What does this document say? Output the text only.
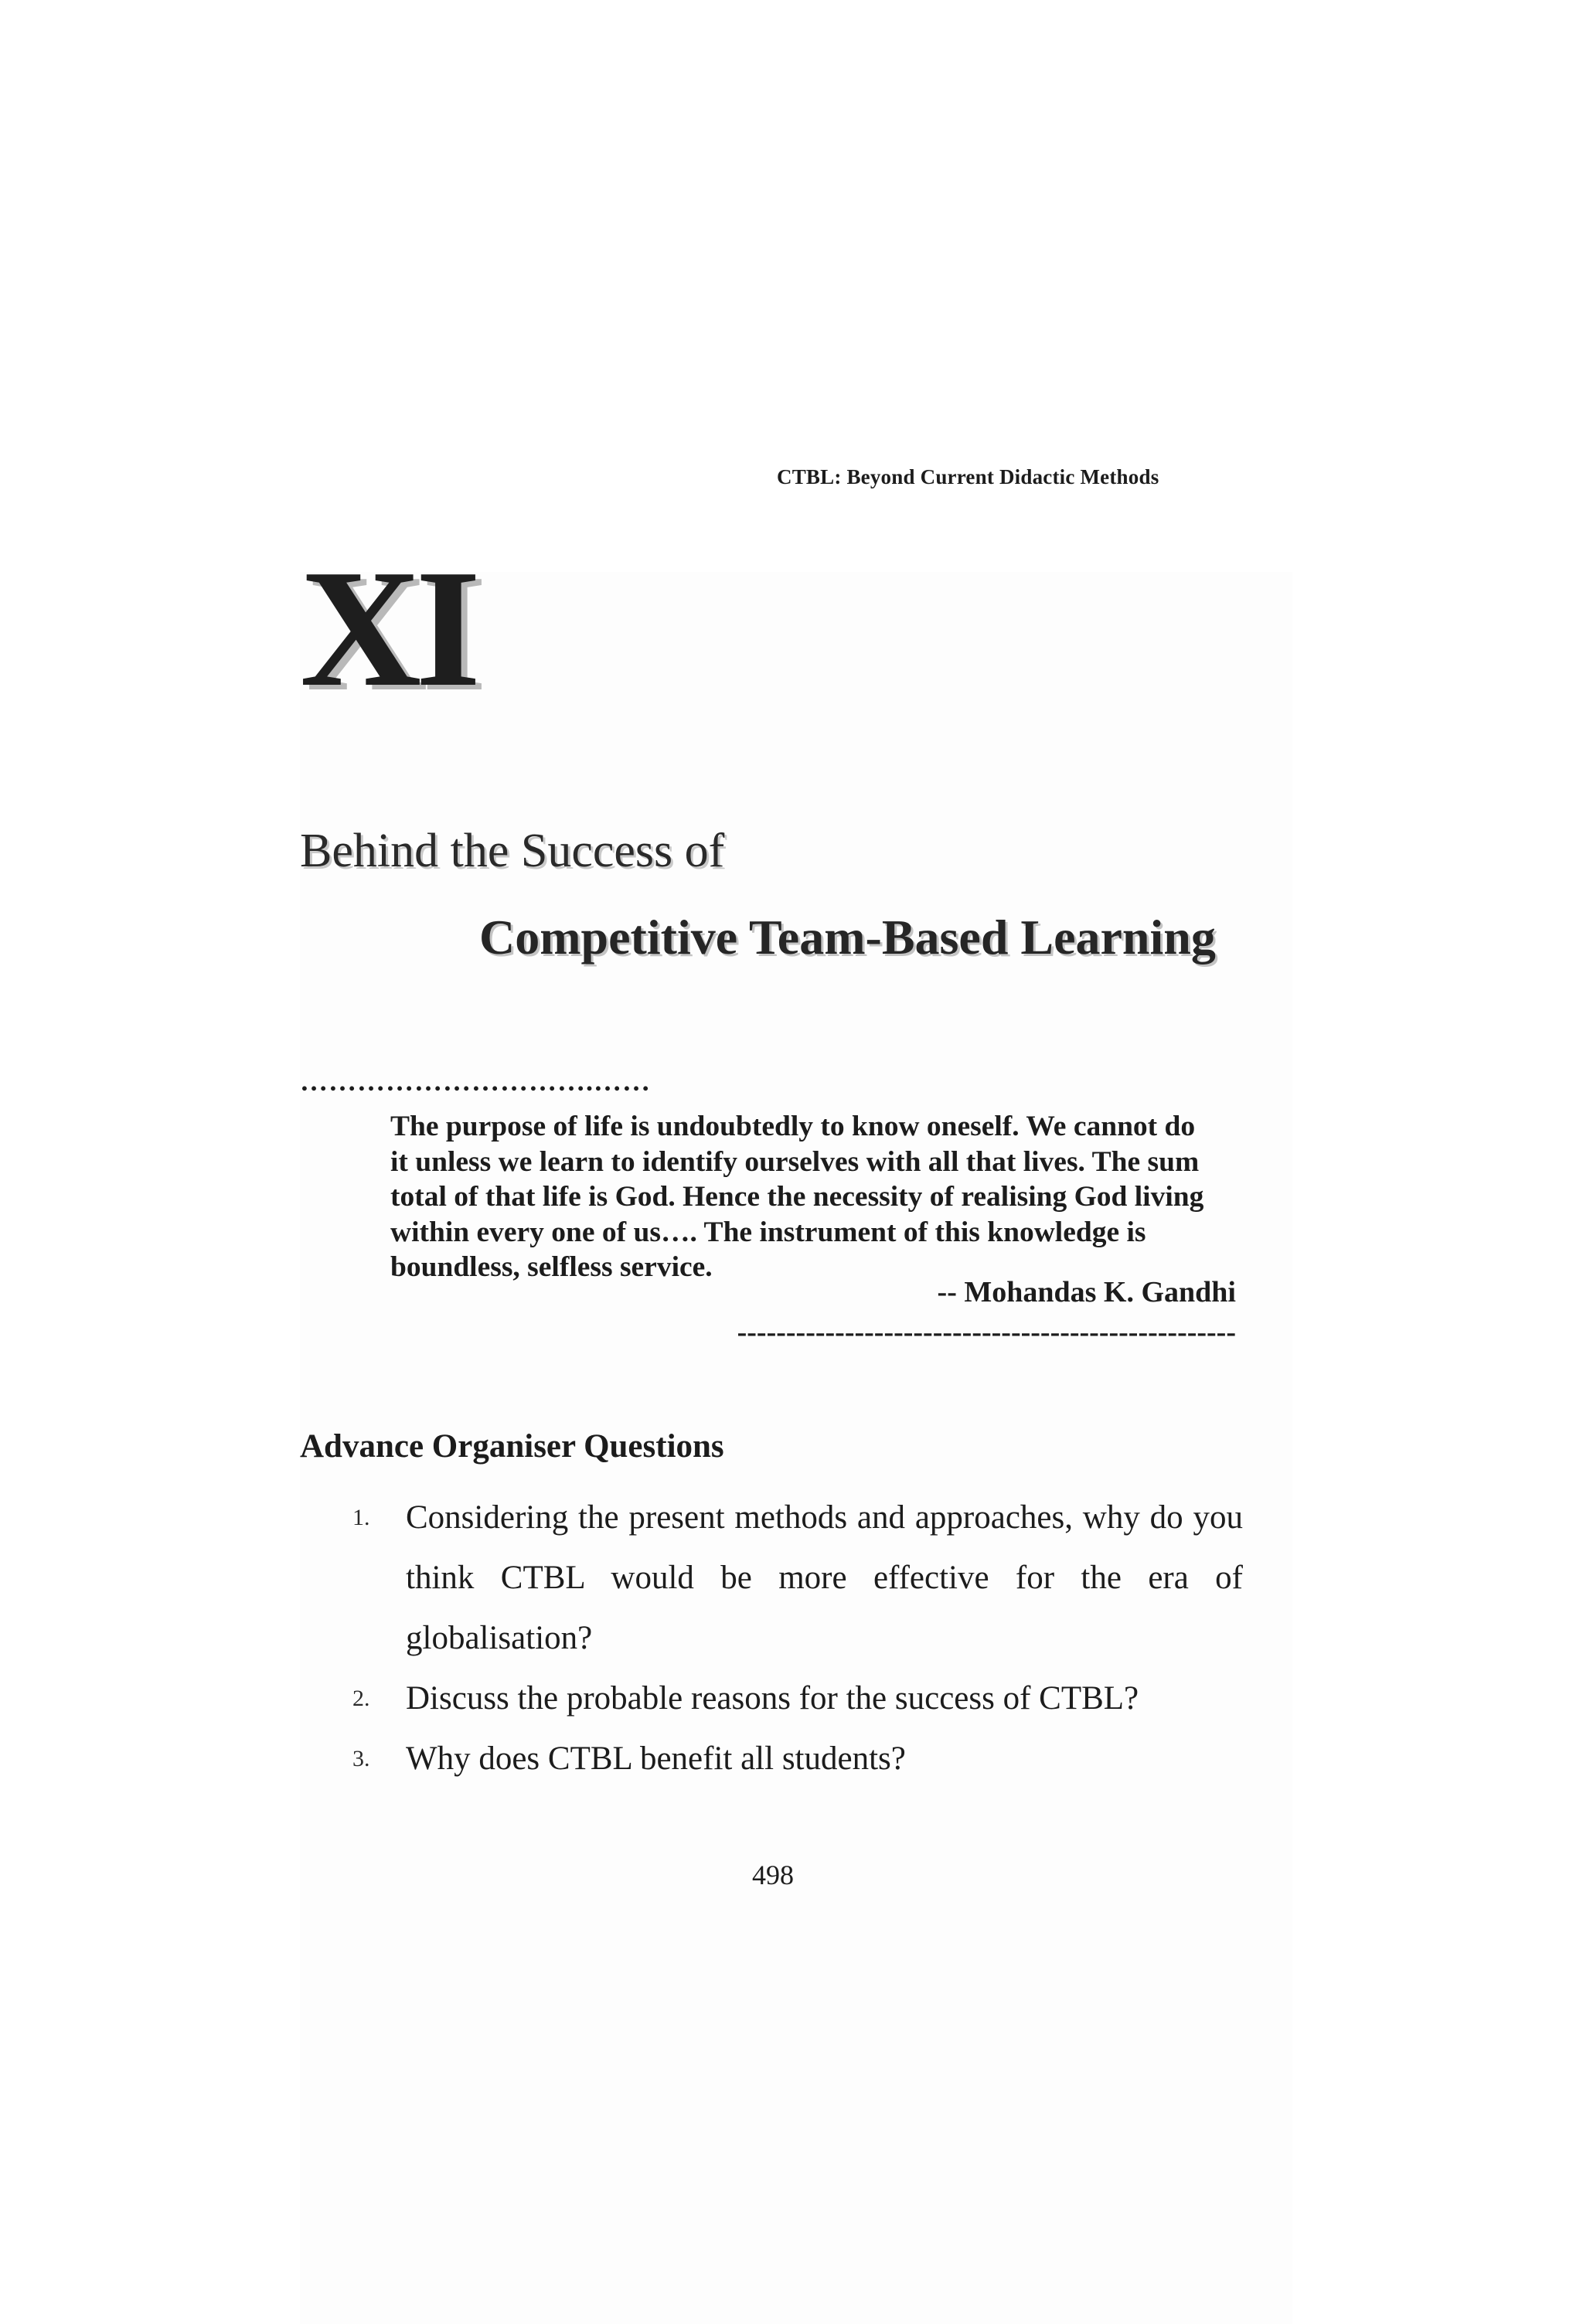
CTBL: Beyond Current Didactic Methods
XI
Behind the Success of
Competitive Team-Based Learning
………………………….……

The purpose of life is undoubtedly to know oneself. We cannot do
it unless we learn to identify ourselves with all that lives. The sum
total of that life is God. Hence the necessity of realising God living
within every one of us…. The instrument of this knowledge is
boundless, selfless service.

-- Mohandas K. Gandhi
---------------------------------------------------
Advance Organiser Questions
1. Considering the present methods and approaches, why do you think CTBL would be more effective for the era of globalisation?
2. Discuss the probable reasons for the success of CTBL?
3. Why does CTBL benefit all students?
498
